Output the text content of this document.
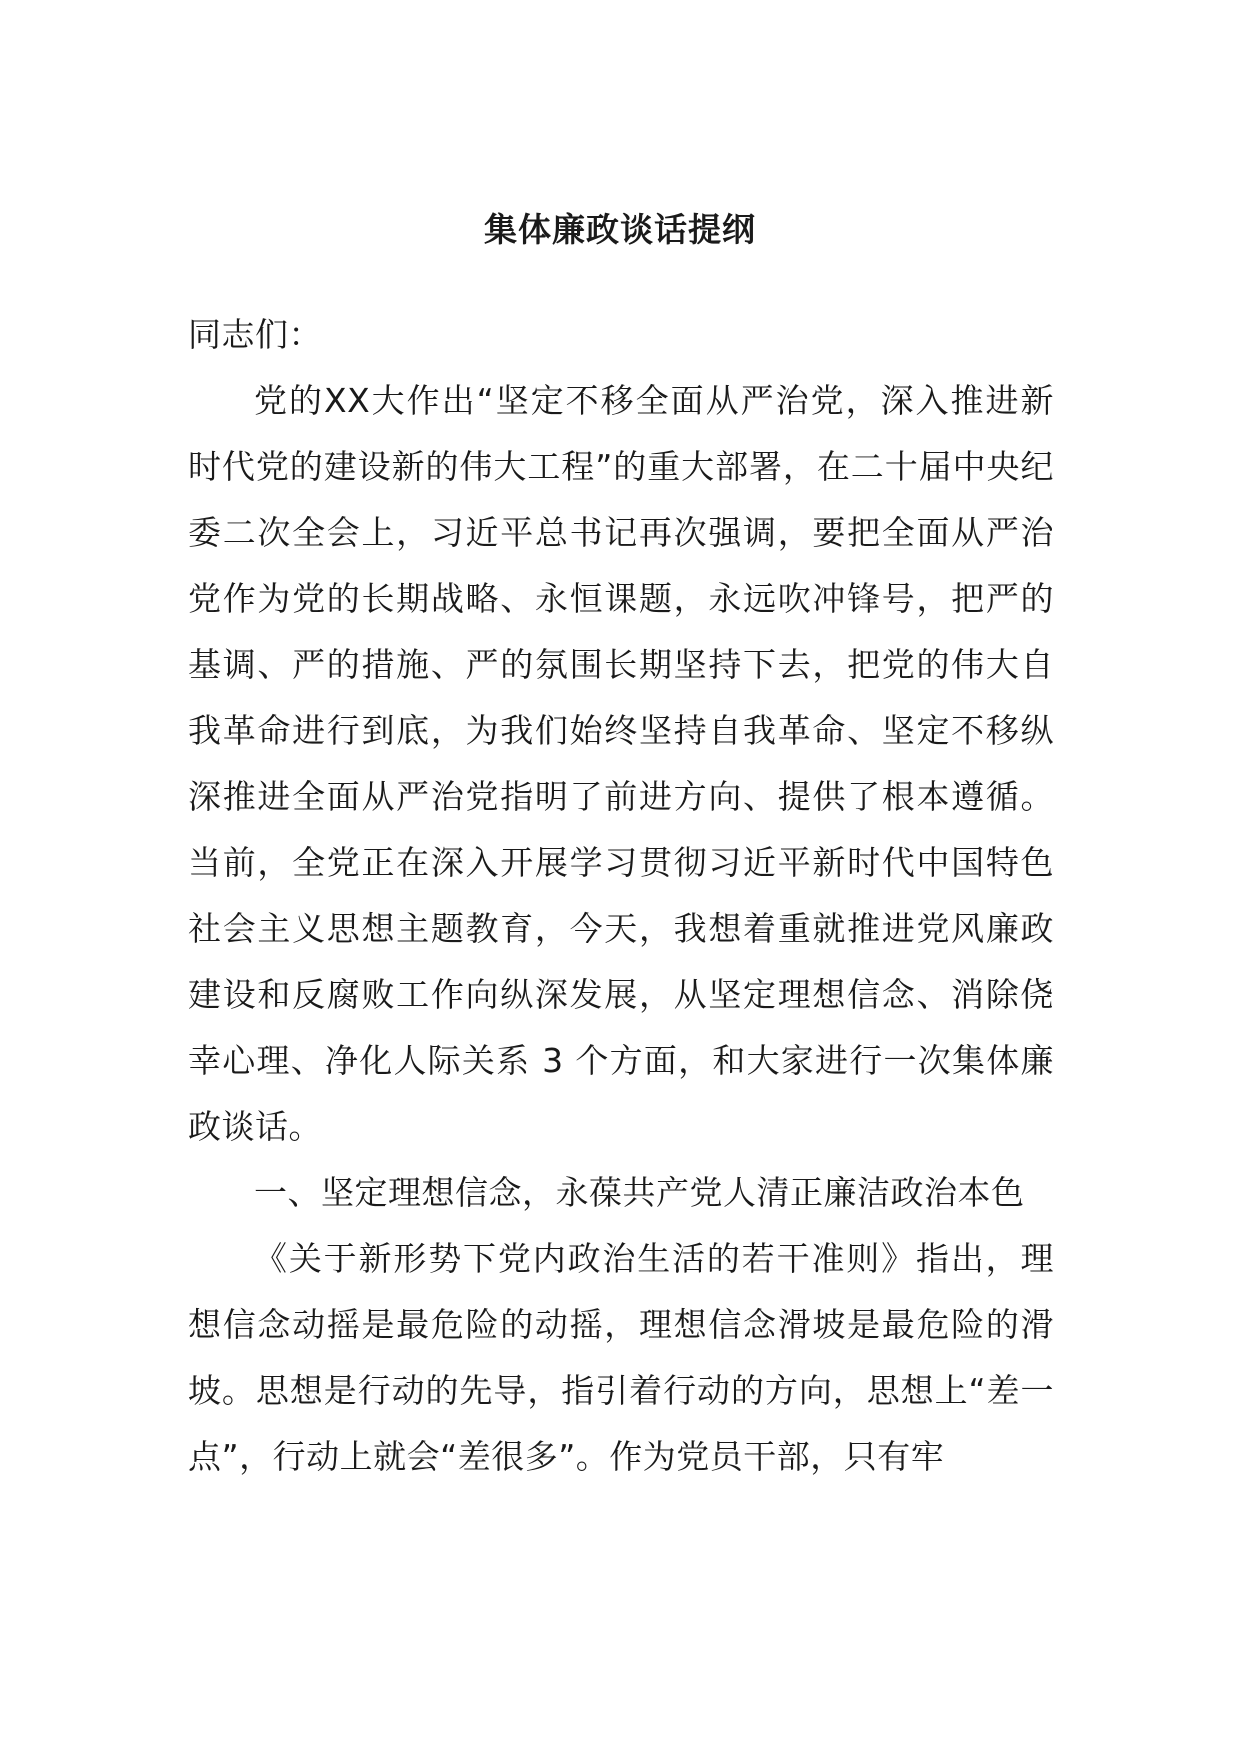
集体廉政谈话提纲

同志们：

党的XX大作出“坚定不移全面从严治党，深入推进新时代党的建设新的伟大工程”的重大部署，在二十届中央纪委二次全会上，习近平总书记再次强调，要把全面从严治党作为党的长期战略、永恒课题，永远吹冲锋号，把严的基调、严的措施、严的氛围长期坚持下去，把党的伟大自我革命进行到底，为我们始终坚持自我革命、坚定不移纵深推进全面从严治党指明了前进方向、提供了根本遵循。当前，全党正在深入开展学习贯彻习近平新时代中国特色社会主义思想主题教育，今天，我想着重就推进党风廉政建设和反腐败工作向纵深发展，从坚定理想信念、消除侥幸心理、净化人际关系 3 个方面，和大家进行一次集体廉政谈话。

一、坚定理想信念，永葆共产党人清正廉洁政治本色

《关于新形势下党内政治生活的若干准则》指出，理想信念动摇是最危险的动摇，理想信念滑坡是最危险的滑坡。思想是行动的先导，指引着行动的方向，思想上“差一点”，行动上就会“差很多”。作为党员干部，只有牢
